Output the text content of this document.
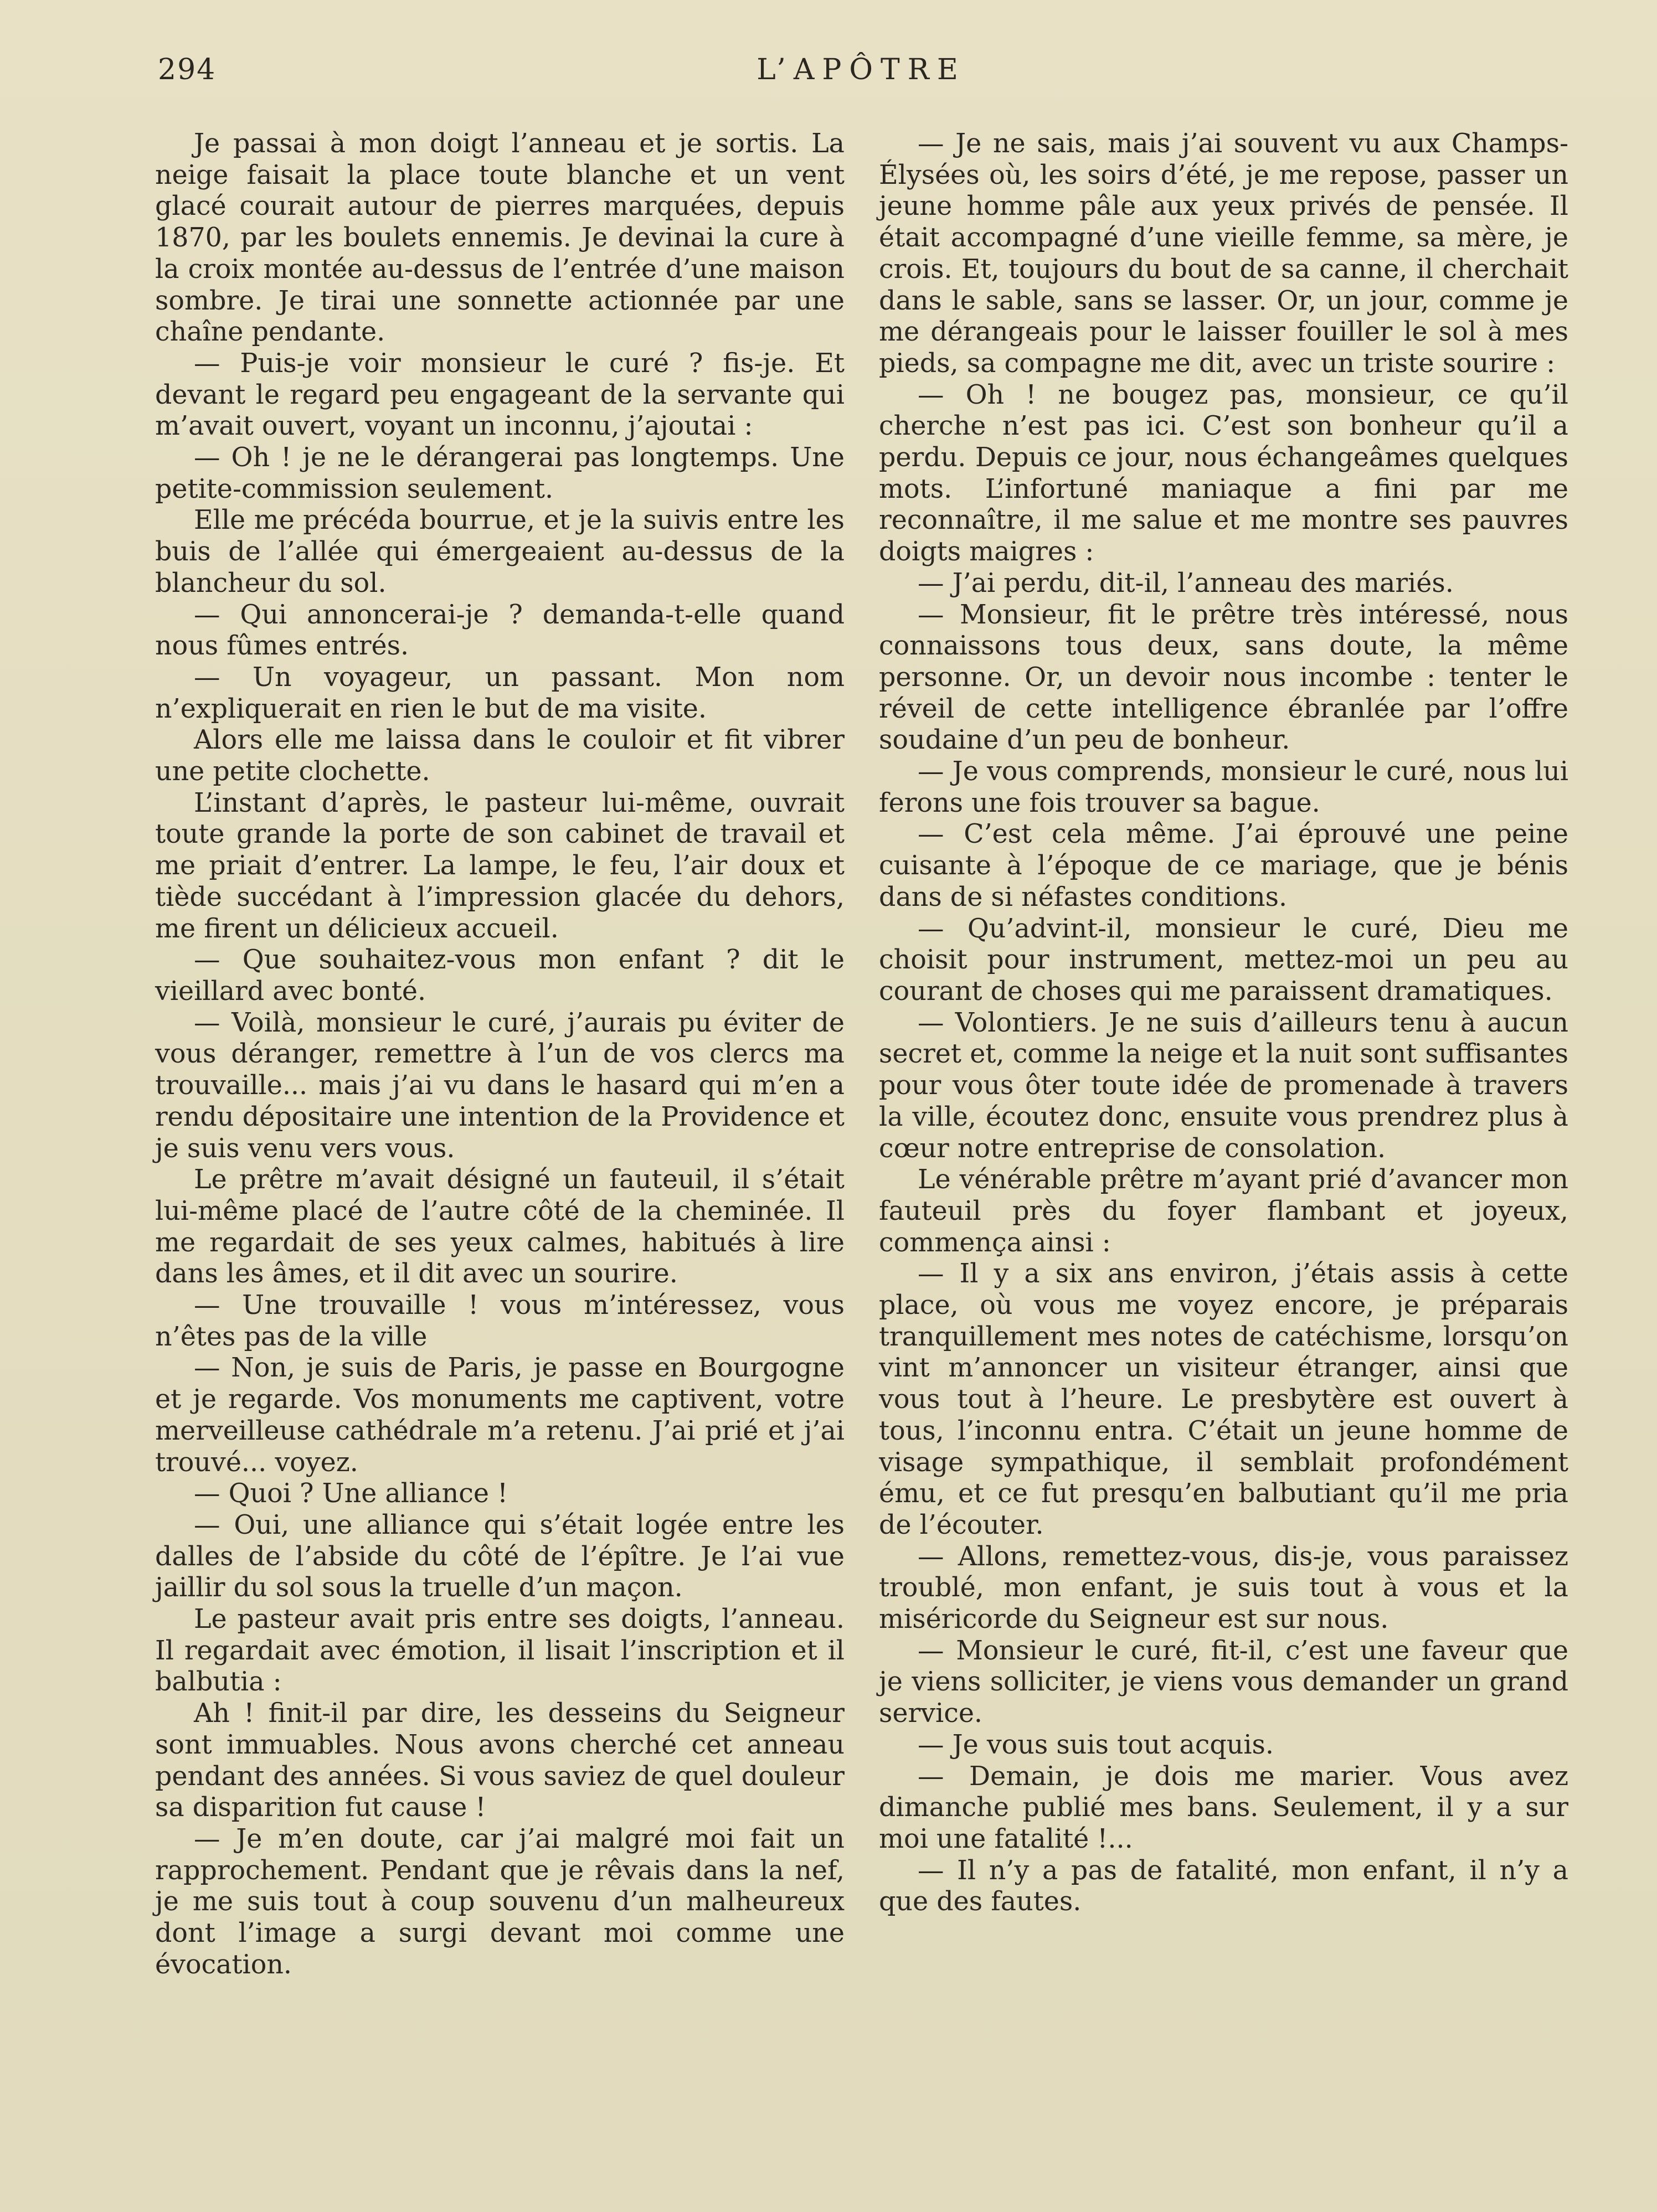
294	L’APÔTRE

Je passai à mon doigt l’anneau et je sortis. La neige faisait la place toute blanche et un vent glacé courait autour de pierres marquées, depuis 1870, par les boulets ennemis. Je devinai la cure à la croix montée au-dessus de l’entrée d’une maison sombre. Je tirai une sonnette actionnée par une chaîne pendante.

— Puis-je voir monsieur le curé ? fis-je. Et devant le regard peu engageant de la servante qui m’avait ouvert, voyant un inconnu, j’ajoutai :

— Oh ! je ne le dérangerai pas longtemps. Une petite-commission seulement.

Elle me précéda bourrue, et je la suivis entre les buis de l’allée qui émergeaient au-dessus de la blancheur du sol.

— Qui annoncerai-je ? demanda-t-elle quand nous fûmes entrés.

— Un voyageur, un passant. Mon nom n’expliquerait en rien le but de ma visite.

Alors elle me laissa dans le couloir et fit vibrer une petite clochette.

L’instant d’après, le pasteur lui-même, ouvrait toute grande la porte de son cabinet de travail et me priait d’entrer. La lampe, le feu, l’air doux et tiède succédant à l’impression glacée du dehors, me firent un délicieux accueil.

— Que souhaitez-vous mon enfant ? dit le vieillard avec bonté.

— Voilà, monsieur le curé, j’aurais pu éviter de vous déranger, remettre à l’un de vos clercs ma trouvaille... mais j’ai vu dans le hasard qui m’en a rendu dépositaire une intention de la Providence et je suis venu vers vous.

Le prêtre m’avait désigné un fauteuil, il s’était lui-même placé de l’autre côté de la cheminée. Il me regardait de ses yeux calmes, habitués à lire dans les âmes, et il dit avec un sourire.

— Une trouvaille ! vous m’intéressez, vous n’êtes pas de la ville

— Non, je suis de Paris, je passe en Bourgogne et je regarde. Vos monuments me captivent, votre merveilleuse cathédrale m’a retenu. J’ai prié et j’ai trouvé... voyez.

— Quoi ? Une alliance !

— Oui, une alliance qui s’était logée entre les dalles de l’abside du côté de l’épître. Je l’ai vue jaillir du sol sous la truelle d’un maçon.

Le pasteur avait pris entre ses doigts, l’anneau. Il regardait avec émotion, il lisait l’inscription et il balbutia :

Ah ! finit-il par dire, les desseins du Seigneur sont immuables. Nous avons cherché cet anneau pendant des années. Si vous saviez de quel douleur sa disparition fut cause !

— Je m’en doute, car j’ai malgré moi fait un rapprochement. Pendant que je rêvais dans la nef, je me suis tout à coup souvenu d’un malheureux dont l’image a surgi devant moi comme une évocation.

— Je ne sais, mais j’ai souvent vu aux Champs-Élysées où, les soirs d’été, je me repose, passer un jeune homme pâle aux yeux privés de pensée. Il était accompagné d’une vieille femme, sa mère, je crois. Et, toujours du bout de sa canne, il cherchait dans le sable, sans se lasser. Or, un jour, comme je me dérangeais pour le laisser fouiller le sol à mes pieds, sa compagne me dit, avec un triste sourire :

— Oh ! ne bougez pas, monsieur, ce qu’il cherche n’est pas ici. C’est son bonheur qu’il a perdu. Depuis ce jour, nous échangeâmes quelques mots. L’infortuné maniaque a fini par me reconnaître, il me salue et me montre ses pauvres doigts maigres :

— J’ai perdu, dit-il, l’anneau des mariés.

— Monsieur, fit le prêtre très intéressé, nous connaissons tous deux, sans doute, la même personne. Or, un devoir nous incombe : tenter le réveil de cette intelligence ébranlée par l’offre soudaine d’un peu de bonheur.

— Je vous comprends, monsieur le curé, nous lui ferons une fois trouver sa bague.

— C’est cela même. J’ai éprouvé une peine cuisante à l’époque de ce mariage, que je bénis dans de si néfastes conditions.

— Qu’advint-il, monsieur le curé, Dieu me choisit pour instrument, mettez-moi un peu au courant de choses qui me paraissent dramatiques.

— Volontiers. Je ne suis d’ailleurs tenu à aucun secret et, comme la neige et la nuit sont suffisantes pour vous ôter toute idée de promenade à travers la ville, écoutez donc, ensuite vous prendrez plus à cœur notre entreprise de consolation.

Le vénérable prêtre m’ayant prié d’avancer mon fauteuil près du foyer flambant et joyeux, commença ainsi :

— Il y a six ans environ, j’étais assis à cette place, où vous me voyez encore, je préparais tranquillement mes notes de catéchisme, lorsqu’on vint m’annoncer un visiteur étranger, ainsi que vous tout à l’heure. Le presbytère est ouvert à tous, l’inconnu entra. C’était un jeune homme de visage sympathique, il semblait profondément ému, et ce fut presqu’en balbutiant qu’il me pria de l’écouter.

— Allons, remettez-vous, dis-je, vous paraissez troublé, mon enfant, je suis tout à vous et la miséricorde du Seigneur est sur nous.

— Monsieur le curé, fit-il, c’est une faveur que je viens solliciter, je viens vous demander un grand service.

— Je vous suis tout acquis.

— Demain, je dois me marier. Vous avez dimanche publié mes bans. Seulement, il y a sur moi une fatalité !...

— Il n’y a pas de fatalité, mon enfant, il n’y a que des fautes.
